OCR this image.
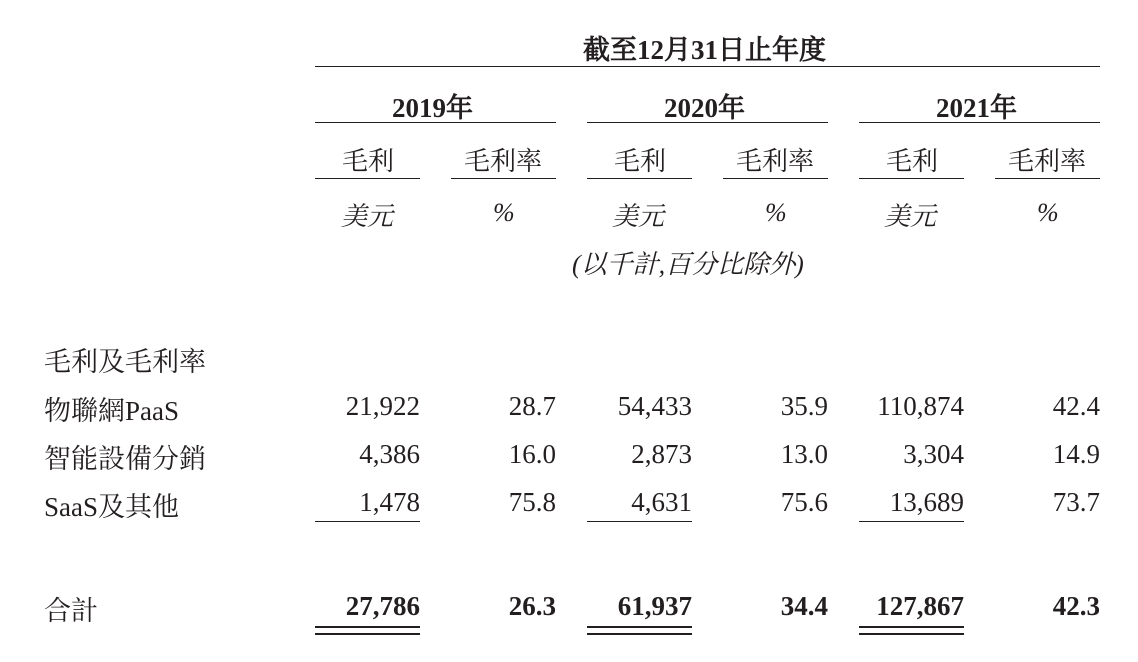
截至12月31日止年度
2019年	2020年	2021年
毛利	毛利率	毛利	毛利率	毛利	毛利率
美元	%	美元	%	美元	%
(以千計,百分比除外)
毛利及毛利率
物聯網PaaS	21,922	28.7 54,433	35.9 110,874	42.4
智能設備分銷	4,386	16.0	2,873	13.0	3,304	14.9
SaaS及其他	1,478	75.8	4,631	75.6 13,689	73.7
合計	27,786	26.3 61,937	34.4 127,867	42.3
